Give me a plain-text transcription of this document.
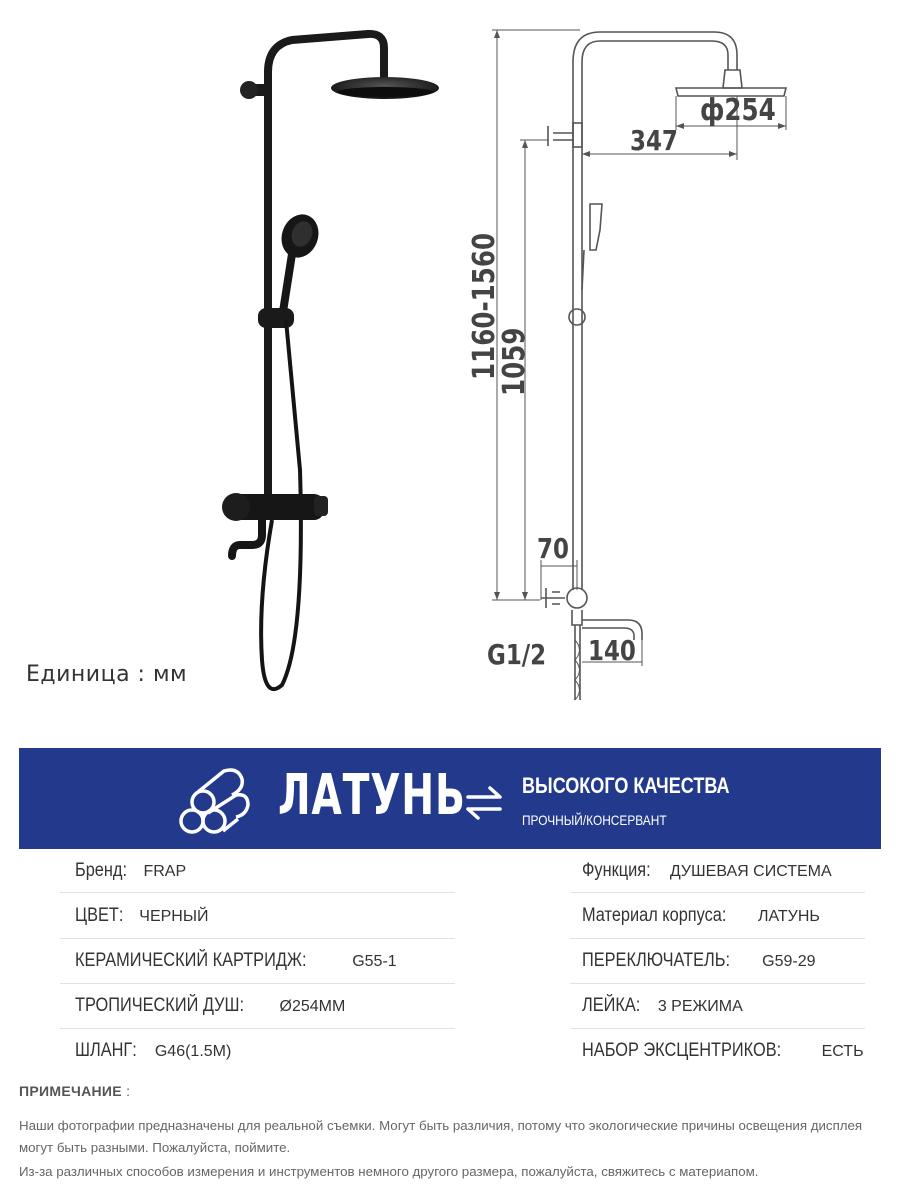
ф254
347
1160-1560
1059
70
G1/2 140
Единица : мм
ЛАТУНЬ	ВЫСОКОГО КАЧЕСТВА
ПРОЧНЫЙ/КОНСЕРВАНТ
Бренд: FRAP
ЦВЕТ: ЧЕРНЫЙ
КЕРАМИЧЕСКИЙ КАРТРИДЖ:	G55-1
ТРОПИЧЕСКИЙ ДУШ: Ø254ММ
ШЛАНГ: G46(1.5М)
Функция: ДУШЕВАЯ СИСТЕМА
Материал корпуса: ЛАТУНЬ
ПЕРЕКЛЮЧАТЕЛЬ: G59-29
ЛЕЙКА: 3 РЕЖИМА
НАБОР ЭКСЦЕНТРИКОВ:	ЕСТЬ
ПРИМЕЧАНИЕ :
Наши фотографии предназначены для реальной съемки. Могут быть различия, потому что экологические причины освещения дисплея могут быть разными. Пожалуйста, поймите.
Из-за различных способов измерения и инструментов немного другого размера, пожалуйста, свяжитесь с материапом.
